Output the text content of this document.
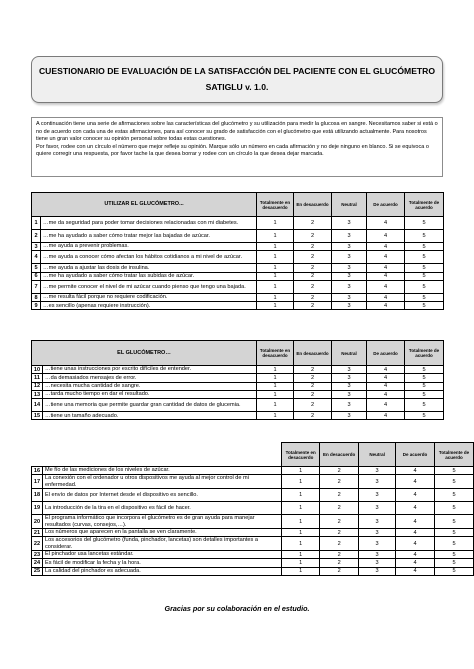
CUESTIONARIO DE EVALUACIÓN DE LA SATISFACCIÓN DEL PACIENTE CON EL GLUCÓMETRO
SATIGLU v. 1.0.

A continuación tiene una serie de afirmaciones sobre las características del glucómetro y su utilización para medir la glucosa en sangre. Necesitamos saber si está o no de acuerdo con cada una de estas afirmaciones, para así conocer su grado de satisfacción con el glucómetro que está utilizando actualmente. Para nosotros tiene un gran valor conocer su opinión personal sobre todas estas cuestiones.

Por favor, rodee con un círculo el número que mejor refleje su opinión. Marque sólo un número en cada afirmación y no deje ninguno en blanco. Si se equivoca o quiere corregir una respuesta, por favor tache la que desea borrar y rodee con un círculo la que desea dejar marcada.

UTILIZAR EL GLUCÓMETRO...		Totalmente en desacuerdo	En desacuerdo	Neutral	De acuerdo	Totalmente de acuerdo
1	…me da seguridad para poder tomar decisiones relacionadas con mi diabetes.	1	2	3	4	5
2	…me ha ayudado a saber cómo tratar mejor las bajadas de azúcar.	1	2	3	4	5
3	…me ayuda a prevenir problemas.	1	2	3	4	5
4	…me ayuda a conocer cómo afectan los hábitos cotidianos a mi nivel de azúcar.	1	2	3	4	5
5	…me ayuda a ajustar las dosis de insulina.	1	2	3	4	5
6	…me ha ayudado a saber cómo tratar las subidas de azúcar.	1	2	3	4	5
7	…me permite conocer el nivel de mi azúcar cuando pienso que tengo una bajada.	1	2	3	4	5
8	…me resulta fácil porque no requiere codificación.	1	2	3	4	5
9	…es sencillo (apenas requiere instrucción).	1	2	3	4	5
EL GLUCÓMETRO…		Totalmente en desacuerdo	En desacuerdo	Neutral	De acuerdo	Totalmente de acuerdo
10	…tiene unas instrucciones por escrito difíciles de entender.	1	2	3	4	5
11	…da demasiados mensajes de error.	1	2	3	4	5
12	…necesita mucha cantidad de sangre.	1	2	3	4	5
13	…tarda mucho tiempo en dar el resultado.	1	2	3	4	5
14	…tiene una memoria que permite guardar gran cantidad de datos de glucemia.	1	2	3	4	5
15	…tiene un tamaño adecuado.	1	2	3	4	5
		Totalmente en desacuerdo	En desacuerdo	Neutral	De acuerdo	Totalmente de acuerdo
16	Me fío de las mediciones de los niveles de azúcar.	1	2	3	4	5
17	La conexión con el ordenador u otros dispositivos me ayuda al mejor control de mi enfermedad.	1	2	3	4	5
18	El envío de datos por Internet desde el dispositivo es sencillo.	1	2	3	4	5
19	La introducción de la tira en el dispositivo es fácil de hacer.	1	2	3	4	5
20	El programa informático que incorpora el glucómetro es de gran ayuda para manejar resultados (curvas, consejos,…).	1	2	3	4	5
21	Los números que aparecen en la pantalla se ven claramente.	1	2	3	4	5
22	Los accesorios del glucómetro (funda, pinchador, lancetas) son detalles importantes a considerar.	1	2	3	4	5
23	El pinchador usa lancetas estándar.	1	2	3	4	5
24	Es fácil de modificar la fecha y la hora.	1	2	3	4	5
25	La calidad del pinchador es adecuada.	1	2	3	4	5
Gracias por su colaboración en el estudio.
